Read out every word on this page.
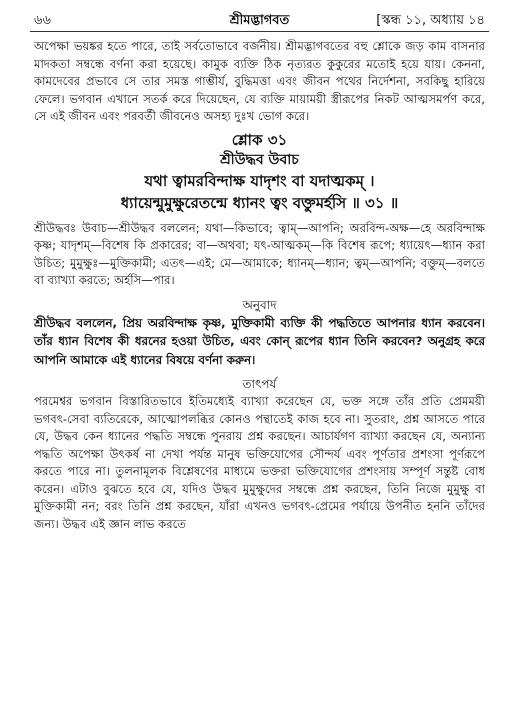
৬৬	শ্রীমদ্ভাগবত	[স্কন্ধ ১১, অধ্যায় ১৪

অপেক্ষা ভয়ঙ্কর হতে পারে, তাই সর্বতোভাবে বর্জনীয়। শ্রীমদ্ভাগবতের বহু শ্লোকে জড় কাম বাসনার মাদকতা সম্বন্ধে বর্ণনা করা হয়েছে। কামুক ব্যক্তি ঠিক নৃত্যরত কুকুরের মতোই হয়ে যায়। কেননা, কামদেবের প্রভাবে সে তার সমস্ত গাম্ভীর্য, বুদ্ধিমত্তা এবং জীবন পথের নির্দেশনা, সবকিছু হারিয়ে ফেলে। ভগবান এখানে সতর্ক করে দিয়েছেন, যে ব্যক্তি মায়াময়ী স্ত্রীরূপের নিকট আত্মসমর্পণ করে, সে এই জীবন এবং পরবর্তী জীবনেও অসহ্য দুঃখ ভোগ করে।

শ্লোক ৩১
শ্রীউদ্ধব উবাচ
যথা ত্বামরবিন্দাক্ষ যাদৃশং বা যদাত্মকম্ ।
ধ্যায়েন্মুমুক্ষুরেতন্মে ধ্যানং ত্বং বক্তুমর্হসি ॥ ৩১ ॥

শ্রীউদ্ধবঃ উবাচ—শ্রীউদ্ধব বললেন; যথা—কিভাবে; ত্বাম্—আপনি; অরবিন্দ-অক্ষ—হে অরবিন্দাক্ষ কৃষ্ণ; যাদৃশম্—বিশেষ কি প্রকারের; বা—অথবা; যৎ-আত্মকম্—কি বিশেষ রূপে; ধ্যায়েৎ—ধ্যান করা উচিত; মুমুক্ষুঃ—মুক্তিকামী; এতৎ—এই; মে—আমাকে; ধ্যানম্—ধ্যান; ত্বম্—আপনি; বক্তুম্—বলতে বা ব্যাখ্যা করতে; অর্হসি—পার।

অনুবাদ

শ্রীউদ্ধব বললেন, প্রিয় অরবিন্দাক্ষ কৃষ্ণ, মুক্তিকামী ব্যক্তি কী পদ্ধতিতে আপনার ধ্যান করবেন। তাঁর ধ্যান বিশেষ কী ধরনের হওয়া উচিত, এবং কোন্ রূপের ধ্যান তিনি করবেন? অনুগ্রহ করে আপনি আমাকে এই ধ্যানের বিষয়ে বর্ণনা করুন।

তাৎপর্য

পরমেশ্বর ভগবান বিস্তারিতভাবে ইতিমধ্যেই ব্যাখ্যা করেছেন যে, ভক্ত সঙ্গে তাঁর প্রতি প্রেমময়ী ভগবৎ-সেবা ব্যতিরেকে, আত্মোপলব্ধির কোনও পন্থাতেই কাজ হবে না। সুতরাং, প্রশ্ন আসতে পারে যে, উদ্ধব কেন ধ্যানের পদ্ধতি সম্বন্ধে পুনরায় প্রশ্ন করছেন। আচার্যগণ ব্যাখ্যা করছেন যে, অন্যান্য পদ্ধতি অপেক্ষা উৎকর্ষ না দেখা পর্যন্ত মানুষ ভক্তিযোগের সৌন্দর্য এবং পূর্ণতার প্রশংসা পূর্ণরূপে করতে পারে না। তুলনামূলক বিশ্লেষণের মাধ্যমে ভক্তরা ভক্তিযোগের প্রশংসায় সম্পূর্ণ সন্তুষ্ট বোধ করেন। এটাও বুঝতে হবে যে, যদিও উদ্ধব মুমুক্ষুদের সম্বন্ধে প্রশ্ন করছেন, তিনি নিজে মুমুক্ষু বা মুক্তিকামী নন; বরং তিনি প্রশ্ন করছেন, যাঁরা এখনও ভগবৎ-প্রেমের পর্যায়ে উপনীত হননি তাঁদের জন্য। উদ্ধব এই জ্ঞান লাভ করতে
